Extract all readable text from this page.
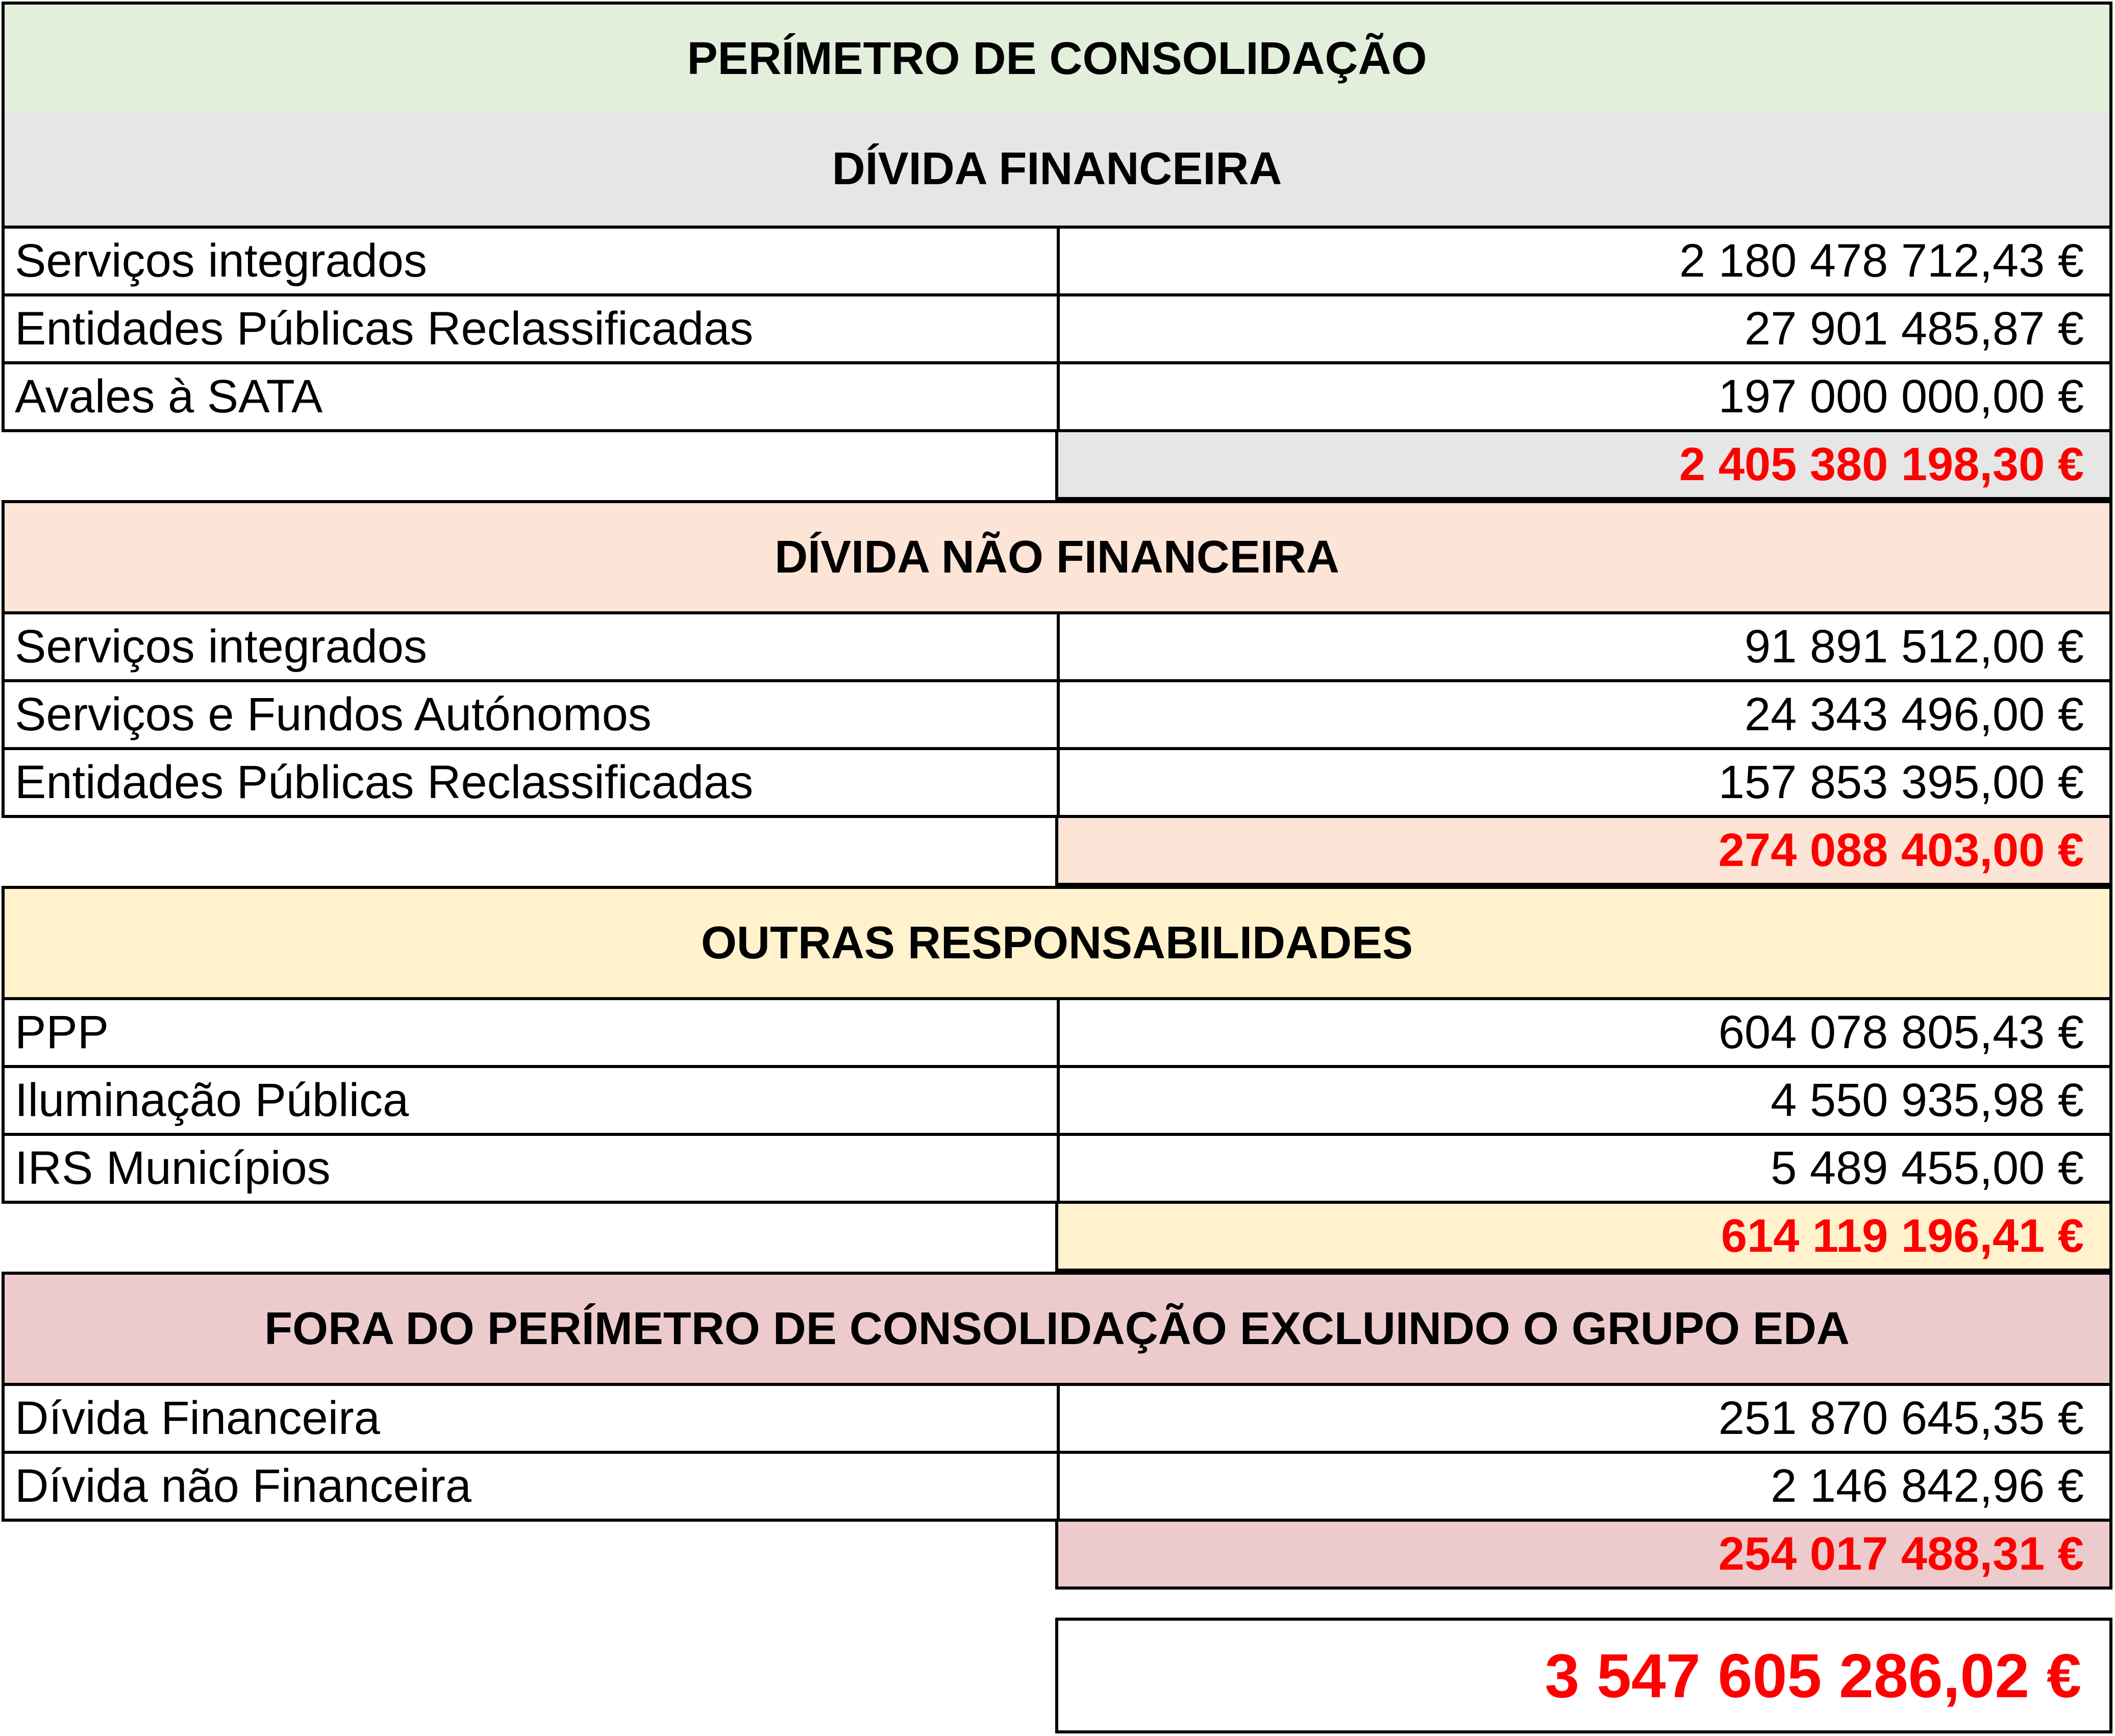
PERÍMETRO DE CONSOLIDAÇÃO
DÍVIDA FINANCEIRA
Serviços integrados	2 180 478 712,43 €
Entidades Públicas Reclassificadas	27 901 485,87 €
Avales à SATA	197 000 000,00 €
2 405 380 198,30 €
DÍVIDA NÃO FINANCEIRA
Serviços integrados	91 891 512,00 €
Serviços e Fundos Autónomos	24 343 496,00 €
Entidades Públicas Reclassificadas	157 853 395,00 €
274 088 403,00 €
OUTRAS RESPONSABILIDADES
PPP	604 078 805,43 €
Iluminação Pública	4 550 935,98 €
IRS Municípios	5 489 455,00 €
614 119 196,41 €
FORA DO PERÍMETRO DE CONSOLIDAÇÃO EXCLUINDO O GRUPO EDA
Dívida Financeira	251 870 645,35 €
Dívida não Financeira	2 146 842,96 €
254 017 488,31 €
3 547 605 286,02 €
